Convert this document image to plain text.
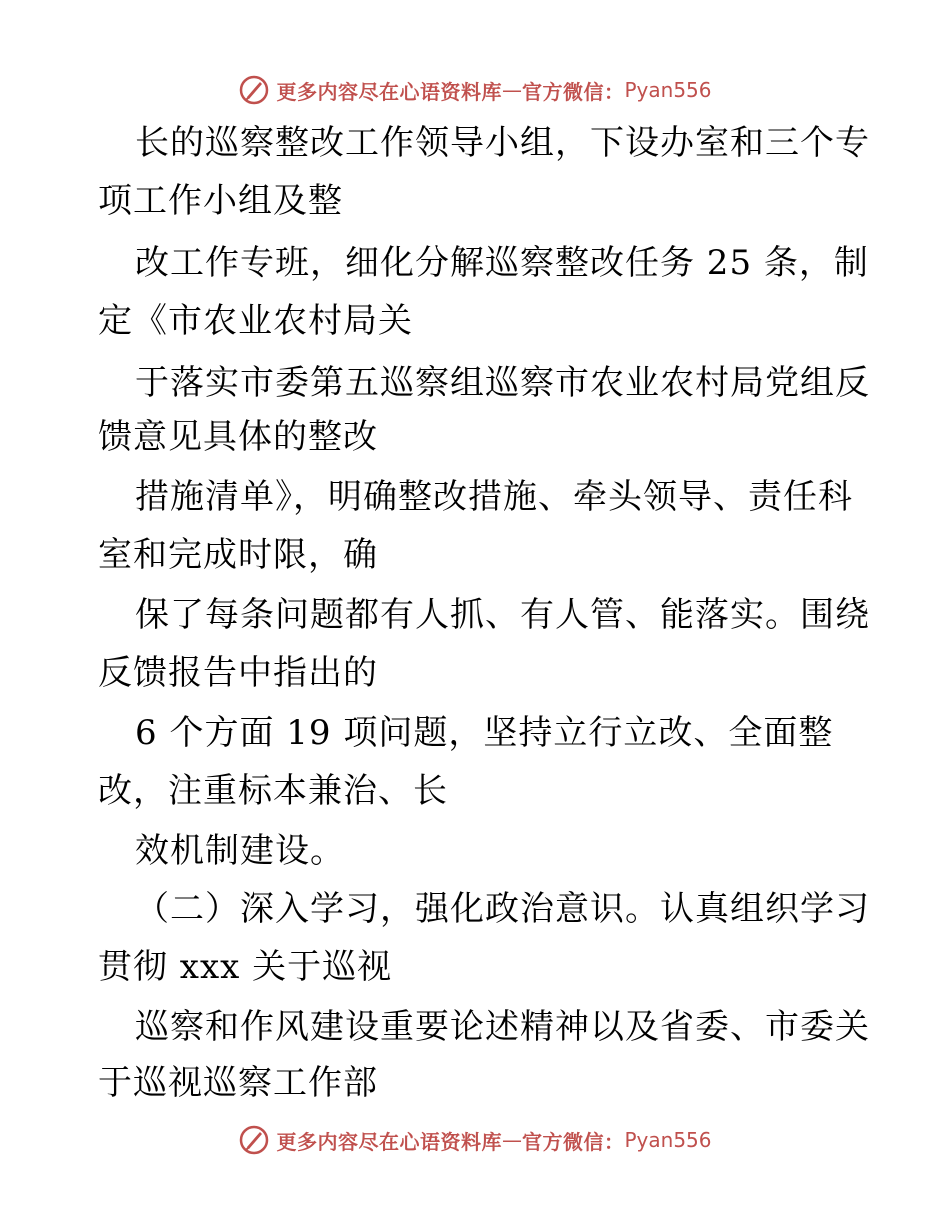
更多内容尽在心语资料库 — 官方微信： Pyan556
长的巡察整改工作领导小组，下设办室和三个专
项工作小组及整
改工作专班，细化分解巡察整改任务 25 条，制
定《市农业农村局关
于落实市委第五巡察组巡察市农业农村局党组反
馈意见具体的整改
措施清单》，明确整改措施、牵头领导、责任科
室和完成时限，确
保了每条问题都有人抓、有人管、能落实。围绕
反馈报告中指出的
6 个方面 19 项问题，坚持立行立改、全面整
改，注重标本兼治、长
效机制建设。
（二）深入学习，强化政治意识。认真组织学习
贯彻 xxx 关于巡视
巡察和作风建设重要论述精神以及省委、市委关
于巡视巡察工作部
更多内容尽在心语资料库 — 官方微信： Pyan556
